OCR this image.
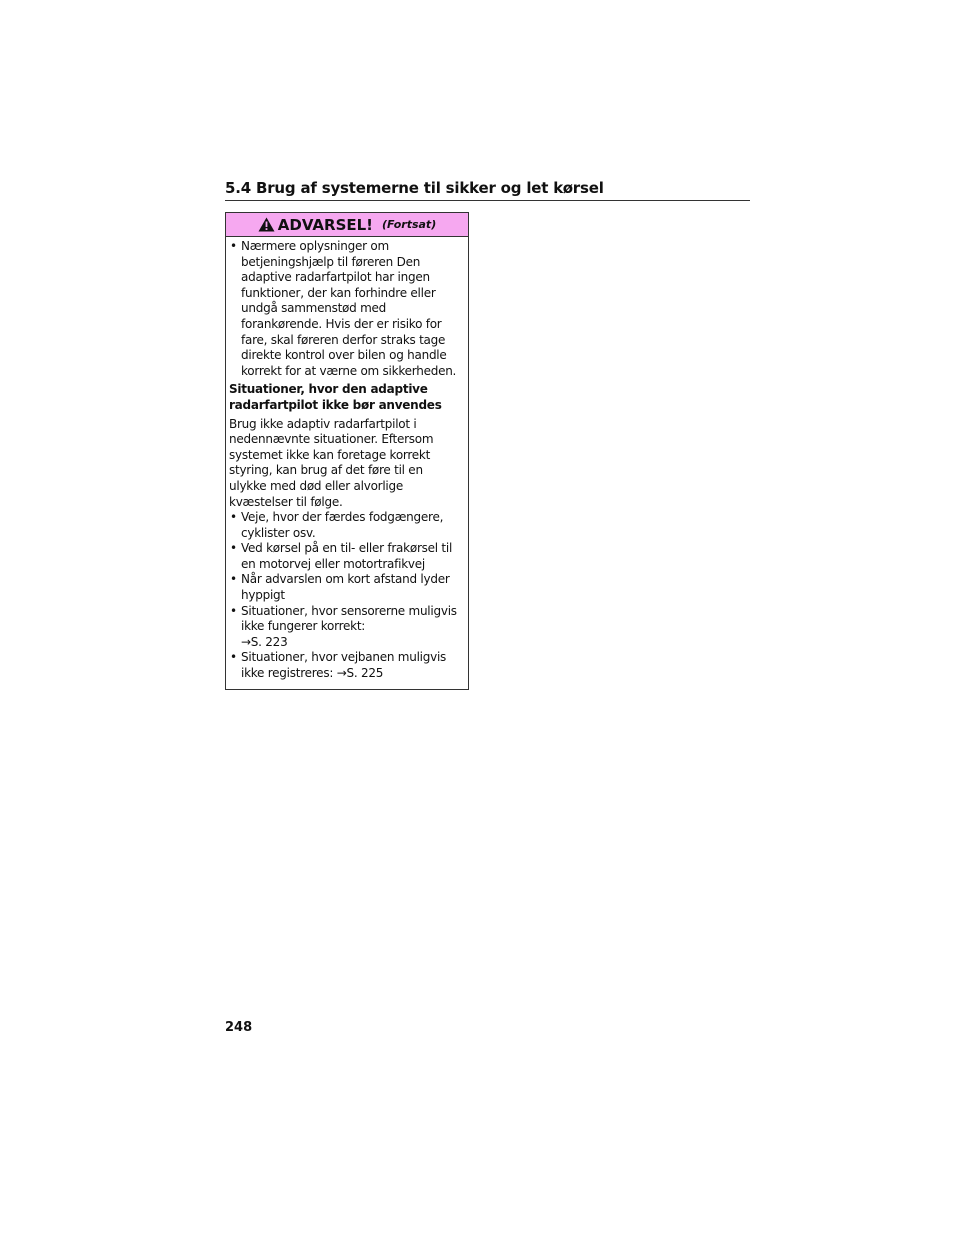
5.4 Brug af systemerne til sikker og let kørsel
ADVARSEL! (Fortsat)
• Nærmere oplysninger om betjeningshjælp til føreren Den adaptive radarfartpilot har ingen funktioner, der kan forhindre eller undgå sammenstød med forankørende. Hvis der er risiko for fare, skal føreren derfor straks tage direkte kontrol over bilen og handle korrekt for at værne om sikkerheden.
Situationer, hvor den adaptive radarfartpilot ikke bør anvendes
Brug ikke adaptiv radarfartpilot i nedennævnte situationer. Eftersom systemet ikke kan foretage korrekt styring, kan brug af det føre til en ulykke med død eller alvorlige kvæstelser til følge.
• Veje, hvor der færdes fodgængere, cyklister osv.
• Ved kørsel på en til- eller frakørsel til en motorvej eller motortrafikvej
• Når advarslen om kort afstand lyder hyppigt
• Situationer, hvor sensorerne muligvis ikke fungerer korrekt:
→S. 223
• Situationer, hvor vejbanen muligvis ikke registreres: →S. 225
248
